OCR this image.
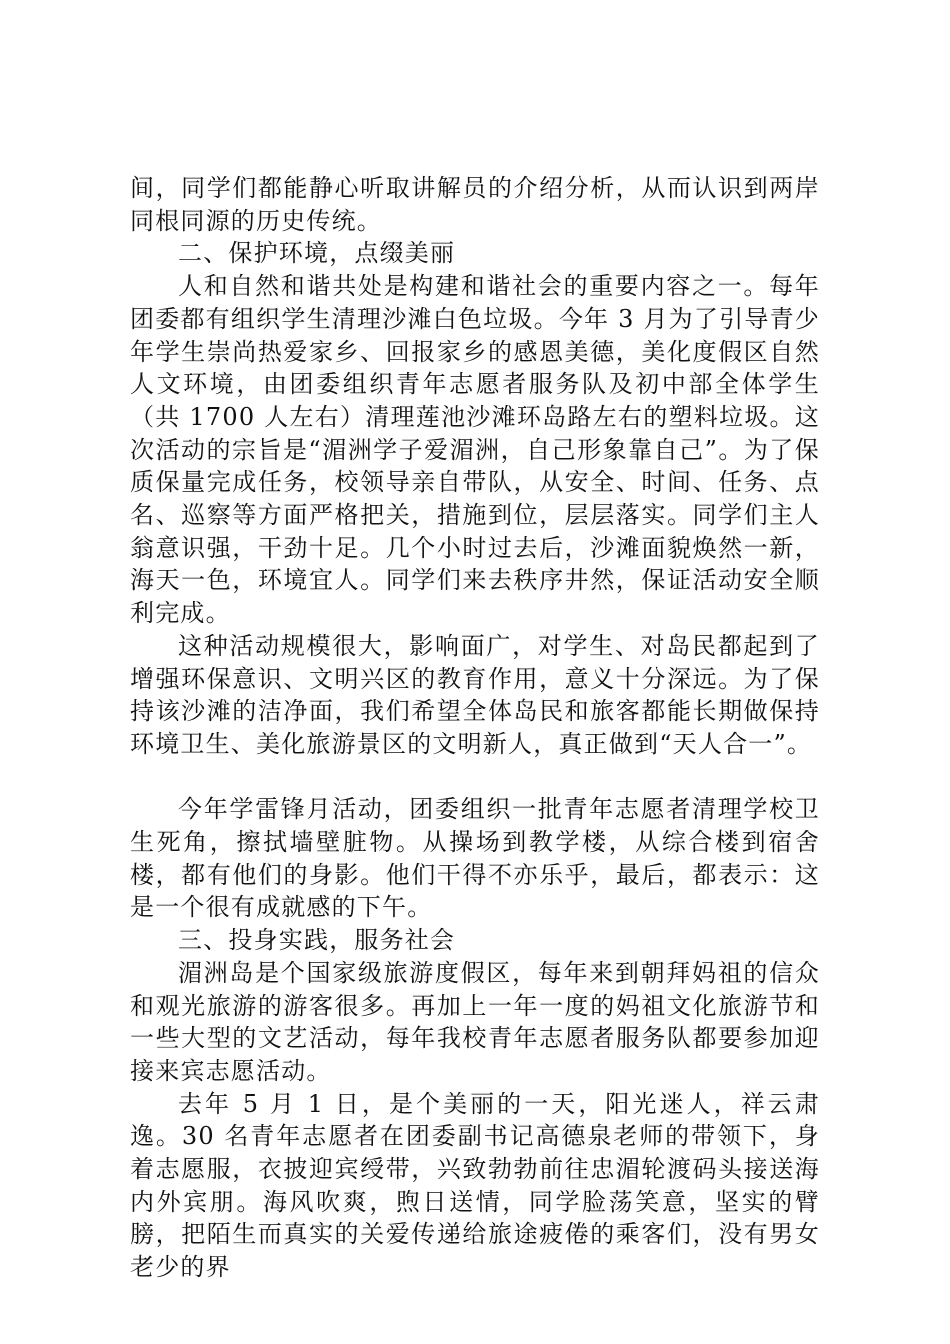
间，同学们都能静心听取讲解员的介绍分析，从而认识到两岸同根同源的历史传统。

二、保护环境，点缀美丽

人和自然和谐共处是构建和谐社会的重要内容之一。每年团委都有组织学生清理沙滩白色垃圾。今年 3 月为了引导青少年学生崇尚热爱家乡、回报家乡的感恩美德，美化度假区自然人文环境，由团委组织青年志愿者服务队及初中部全体学生（共 1700 人左右）清理莲池沙滩环岛路左右的塑料垃圾。这次活动的宗旨是“湄洲学子爱湄洲，自己形象靠自己”。为了保质保量完成任务，校领导亲自带队，从安全、时间、任务、点名、巡察等方面严格把关，措施到位，层层落实。同学们主人翁意识强，干劲十足。几个小时过去后，沙滩面貌焕然一新，海天一色，环境宜人。同学们来去秩序井然，保证活动安全顺利完成。

这种活动规模很大，影响面广，对学生、对岛民都起到了增强环保意识、文明兴区的教育作用，意义十分深远。为了保持该沙滩的洁净面，我们希望全体岛民和旅客都能长期做保持环境卫生、美化旅游景区的文明新人，真正做到“天人合一”。

今年学雷锋月活动，团委组织一批青年志愿者清理学校卫生死角，擦拭墙壁脏物。从操场到教学楼，从综合楼到宿舍楼，都有他们的身影。他们干得不亦乐乎，最后，都表示：这是一个很有成就感的下午。

三、投身实践，服务社会

湄洲岛是个国家级旅游度假区，每年来到朝拜妈祖的信众和观光旅游的游客很多。再加上一年一度的妈祖文化旅游节和一些大型的文艺活动，每年我校青年志愿者服务队都要参加迎接来宾志愿活动。

去年 5 月 1 日，是个美丽的一天，阳光迷人，祥云肃逸。30 名青年志愿者在团委副书记高德泉老师的带领下，身着志愿服，衣披迎宾绶带，兴致勃勃前往忠湄轮渡码头接送海内外宾朋。海风吹爽，煦日送情，同学脸荡笑意，坚实的臂膀，把陌生而真实的关爱传递给旅途疲倦的乘客们，没有男女老少的界
